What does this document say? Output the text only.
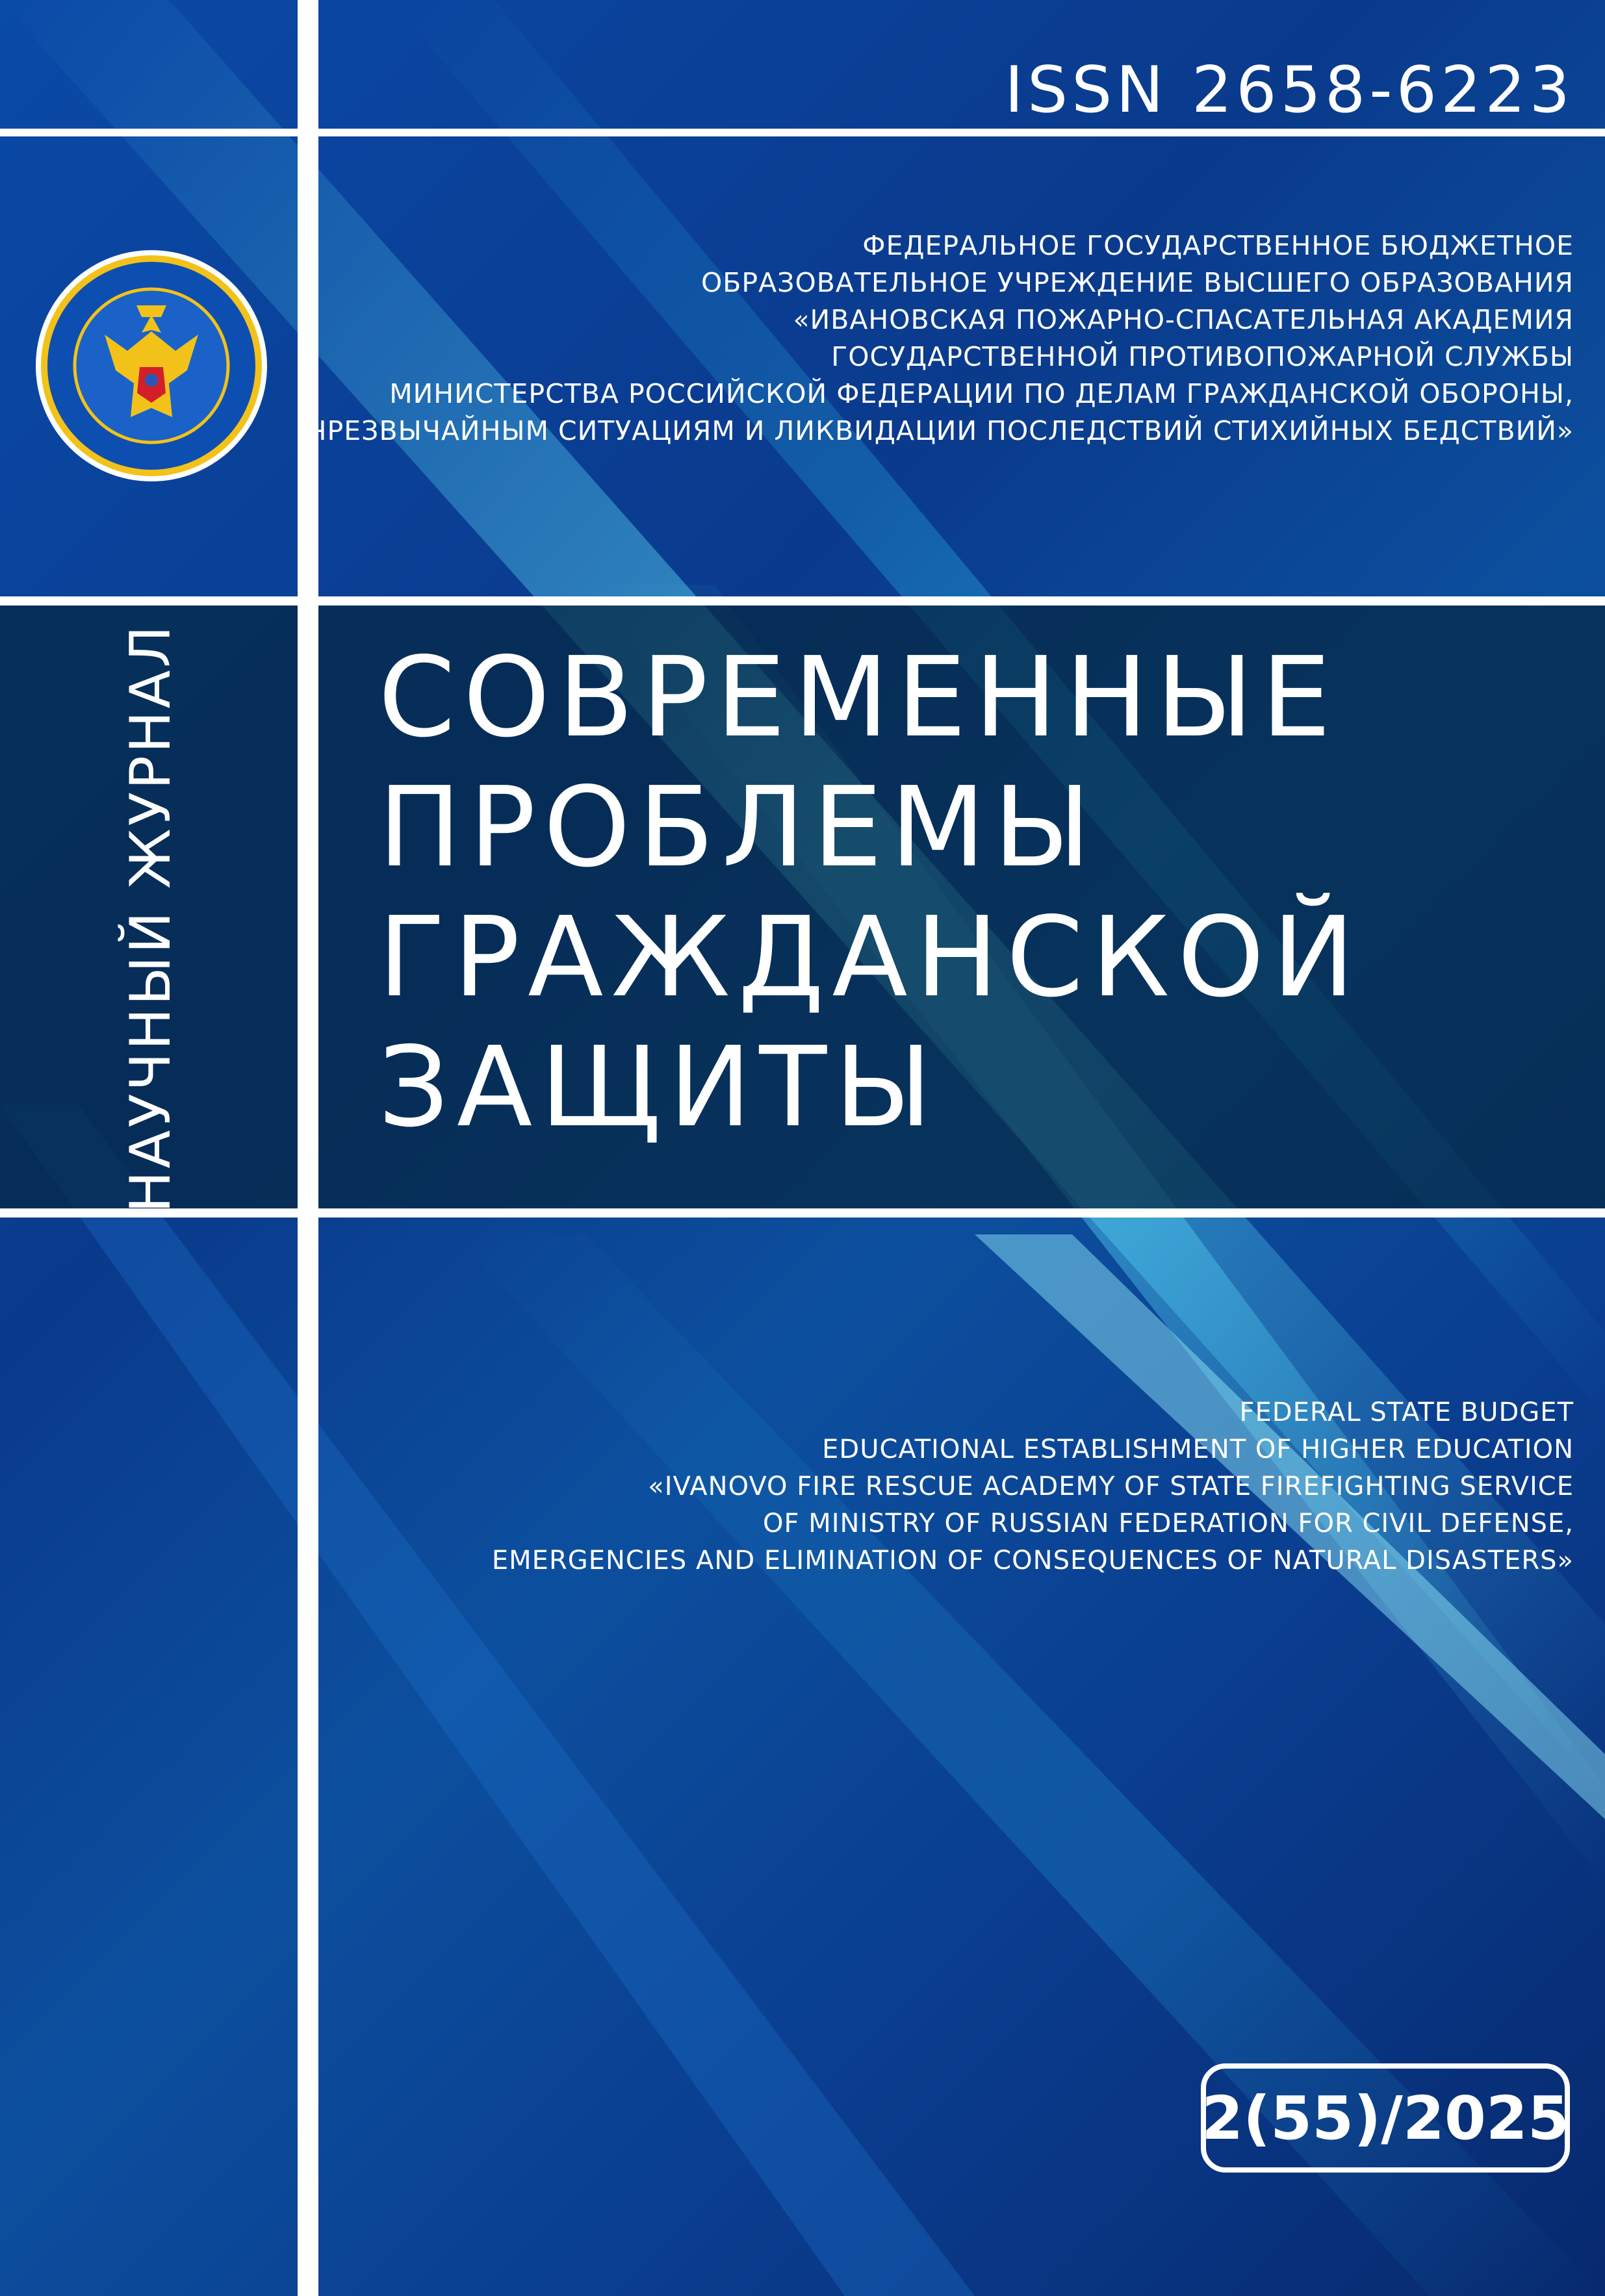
ISSN 2658-6223
ФЕДЕРАЛЬНОЕ ГОСУДАРСТВЕННОЕ БЮДЖЕТНОЕ
ОБРАЗОВАТЕЛЬНОЕ УЧРЕЖДЕНИЕ ВЫСШЕГО ОБРАЗОВАНИЯ
«ИВАНОВСКАЯ ПОЖАРНО-СПАСАТЕЛЬНАЯ АКАДЕМИЯ
ГОСУДАРСТВЕННОЙ ПРОТИВОПОЖАРНОЙ СЛУЖБЫ
МИНИСТЕРСТВА РОССИЙСКОЙ ФЕДЕРАЦИИ ПО ДЕЛАМ ГРАЖДАНСКОЙ ОБОРОНЫ,
ЧРЕЗВЫЧАЙНЫМ СИТУАЦИЯМ И ЛИКВИДАЦИИ ПОСЛЕДСТВИЙ СТИХИЙНЫХ БЕДСТВИЙ»
НАУЧНЫЙ ЖУРНАЛ СОВРЕМЕННЫЕ
ПРОБЛЕМЫ
ГРАЖДАНСКОЙ
ЗАЩИТЫ
FEDERAL STATE BUDGET
EDUCATIONAL ESTABLISHMENT OF HIGHER EDUCATION
«IVANOVO FIRE RESCUE ACADEMY OF STATE FIREFIGHTING SERVICE
OF MINISTRY OF RUSSIAN FEDERATION FOR CIVIL DEFENSE,
EMERGENCIES AND ELIMINATION OF CONSEQUENCES OF NATURAL DISASTERS»
2(55)/2025
